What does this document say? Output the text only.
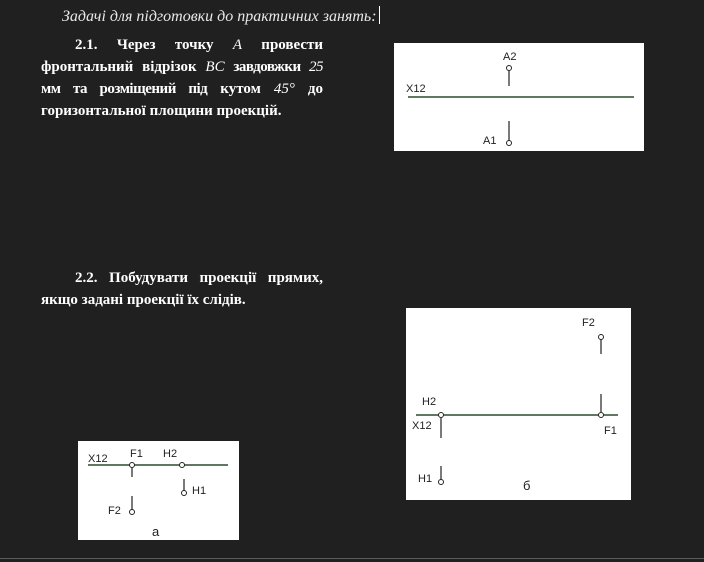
Задачі для підготовки до практичних занять:
2.1. Через точку A провести фронтальний відрізок BC завдовжки 25 мм та розміщений під кутом 45° до горизонтальної площини проекцій.
2.2. Побудувати проекції прямих, якщо задані проекції їх слідів.
X12
A2
A1
X12 F1 H2
H1
F2
а
F2
H2
X12	F1
H1	б
